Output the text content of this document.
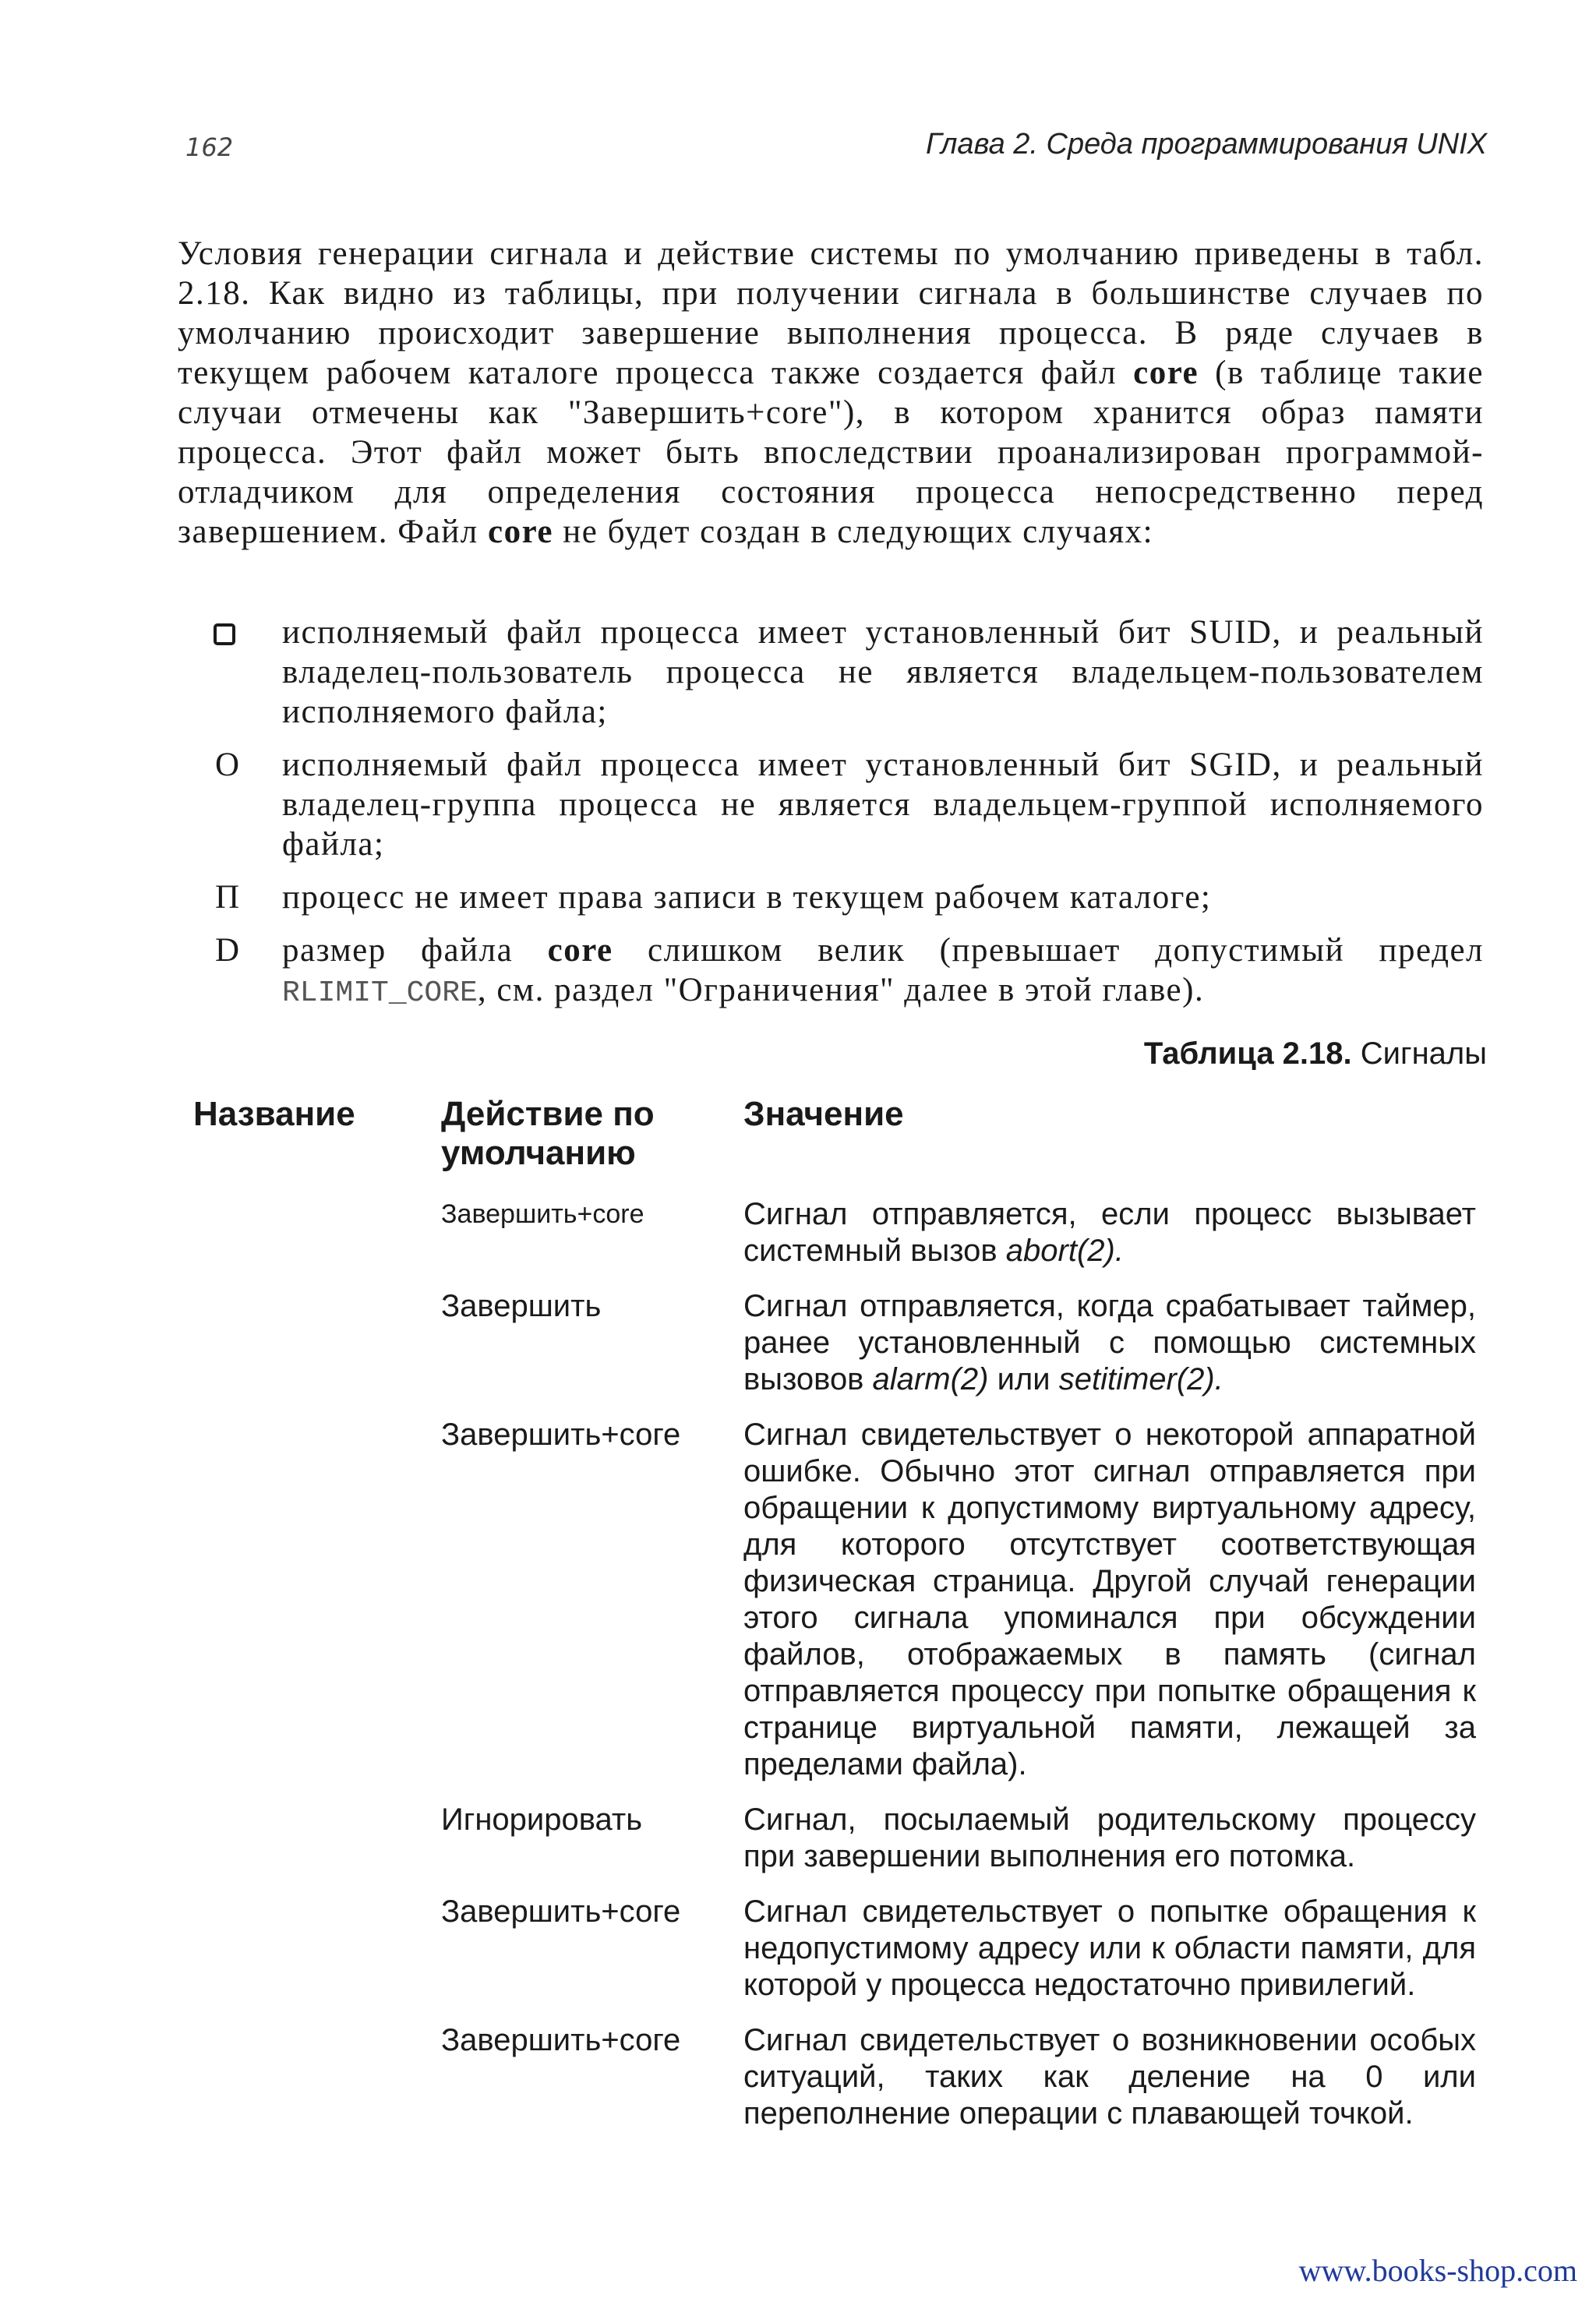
162	Глава 2. Среда программирования UNIX
Условия генерации сигнала и действие системы по умолчанию приведены в табл. 2.18. Как видно из таблицы, при получении сигнала в большинстве случаев по умолчанию происходит завершение выполнения процесса. В ряде случаев в текущем рабочем каталоге процесса также создается файл core (в таблице такие случаи отмечены как "Завершить+core"), в котором хранится образ памяти процесса. Этот файл может быть впоследствии проанализирован программой-отладчиком для определения состояния процесса непосредственно перед завершением. Файл core не будет создан в следующих случаях:
исполняемый файл процесса имеет установленный бит SUID, и реальный владелец-пользователь процесса не является владельцем-пользователем исполняемого файла;
О исполняемый файл процесса имеет установленный бит SGID, и реальный владелец-группа процесса не является владельцем-группой исполняемого файла;
П процесс не имеет права записи в текущем рабочем каталоге;
D размер файла core слишком велик (превышает допустимый предел RLIMIT_CORE, см. раздел "Ограничения" далее в этой главе).
Таблица 2.18. Сигналы
Название	Действие по умолчанию	Значение
	Завершить+core	Сигнал отправляется, если процесс вызывает системный вызов abort(2).
	Завершить	Сигнал отправляется, когда срабатывает таймер, ранее установленный с помощью системных вызовов alarm(2) или setitimer(2).
	Завершить+соге	Сигнал свидетельствует о некоторой аппаратной ошибке. Обычно этот сигнал отправляется при обращении к допустимому виртуальному адресу, для которого отсутствует соответствующая физическая страница. Другой случай генерации этого сигнала упоминался при обсуждении файлов, отображаемых в память (сигнал отправляется процессу при попытке обращения к странице виртуальной памяти, лежащей за пределами файла).
	Игнорировать	Сигнал, посылаемый родительскому процессу при завершении выполнения его потомка.
	Завершить+соге	Сигнал свидетельствует о попытке обращения к недопустимому адресу или к области памяти, для которой у процесса недостаточно привилегий.
	Завершить+соге	Сигнал свидетельствует о возникновении особых ситуаций, таких как деление на 0 или переполнение операции с плавающей точкой.
www.books-shop.com
